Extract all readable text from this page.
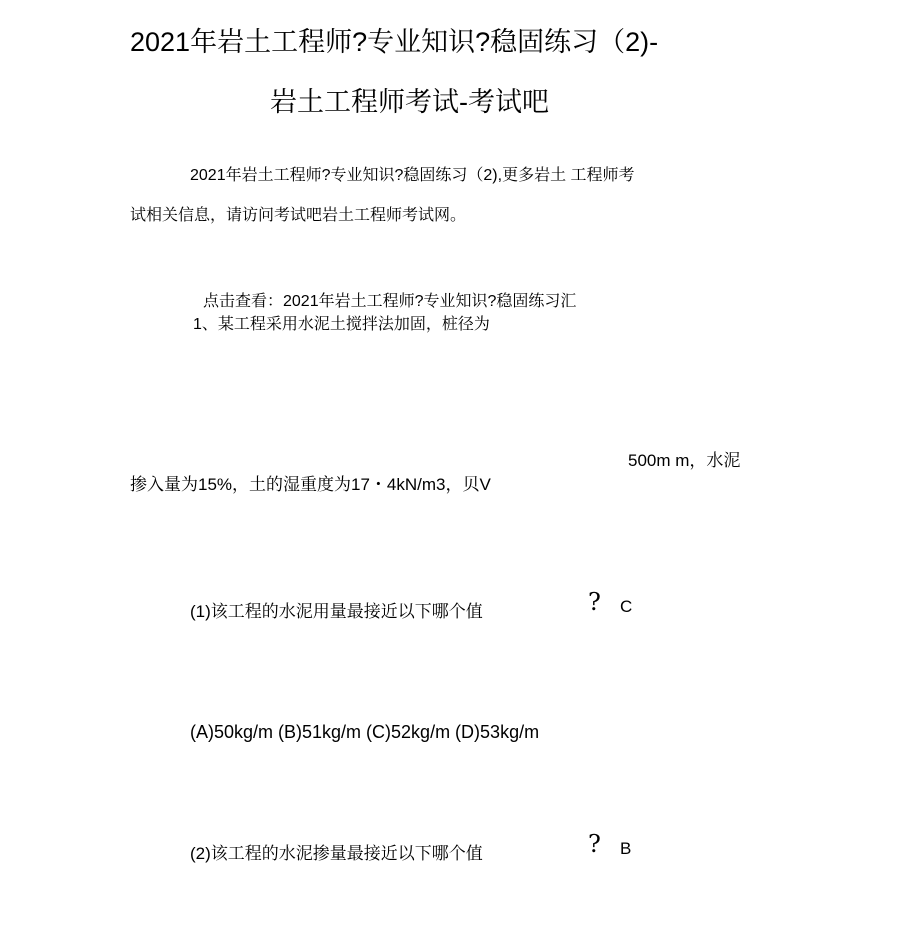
2021年岩土工程师?专业知识?稳固练习（2)-
岩土工程师考试-考试吧
2021年岩土工程师?专业知识?稳固练习（2),更多岩土 工程师考
试相关信息，请访问考试吧岩土工程师考试网。
点击查看：2021年岩土工程师?专业知识?稳固练习汇
1、某工程采用水泥土搅拌法加固，桩径为
500m m，水泥
掺入量为15%，土的湿重度为17・4kN/m3，贝V
(1)该工程的水泥用量最接近以下哪个值	? C
(A)50kg/m (B)51kg/m (C)52kg/m (D)53kg/m
(2)该工程的水泥掺量最接近以下哪个值	? B
